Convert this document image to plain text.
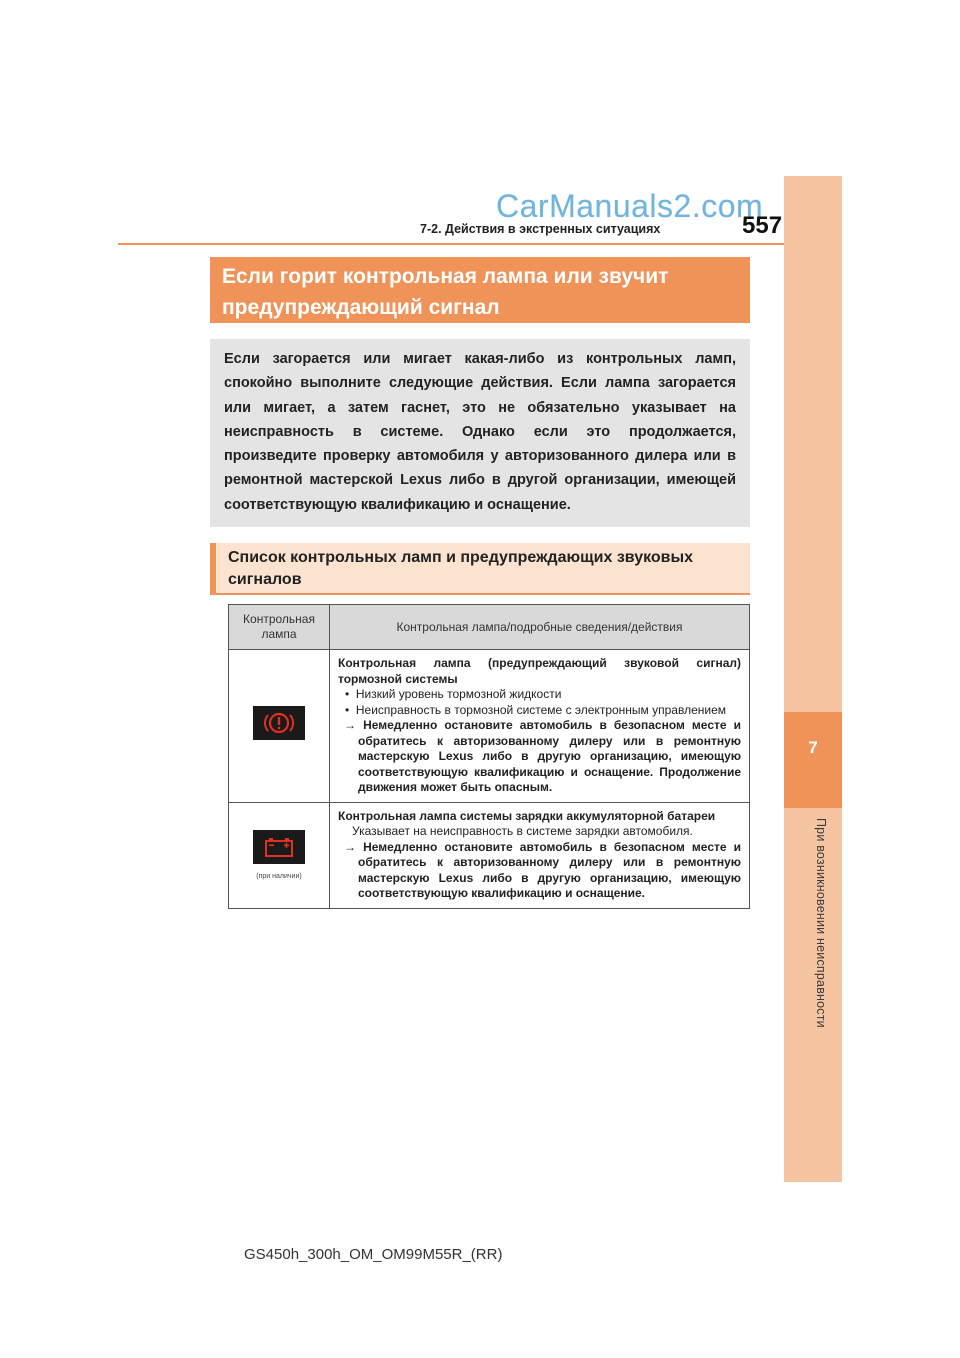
7
При возникновении неисправности
CarManuals2.com
7-2. Действия в экстренных ситуациях	557
Если горит контрольная лампа или звучит предупреждающий сигнал
Если загорается или мигает какая-либо из контрольных ламп, спокойно выполните следующие действия. Если лампа загорается или мигает, а затем гаснет, это не обязательно указывает на неисправность в системе. Однако если это продолжается, произведите проверку автомобиля у авторизованного дилера или в ремонтной мастерской Lexus либо в другой организации, имеющей соответствующую квалификацию и оснащение.
Список контрольных ламп и предупреждающих звуковых сигналов
Контрольная лампа	Контрольная лампа/подробные сведения/действия

Контрольная лампа (предупреждающий звуковой сигнал) тормозной системы
• Низкий уровень тормозной жидкости
• Неисправность в тормозной системе с электронным управлением
→ Немедленно остановите автомобиль в безопасном месте и обратитесь к авторизованному дилеру или в ремонтную мастерскую Lexus либо в другую организацию, имеющую соответствующую квалификацию и оснащение. Продолжение движения может быть опасным.

(при наличии)	Контрольная лампа системы зарядки аккумуляторной батареи
Указывает на неисправность в системе зарядки автомобиля.
→ Немедленно остановите автомобиль в безопасном месте и обратитесь к авторизованному дилеру или в ремонтную мастерскую Lexus либо в другую организацию, имеющую соответствующую квалификацию и оснащение.
GS450h_300h_OM_OM99M55R_(RR)
